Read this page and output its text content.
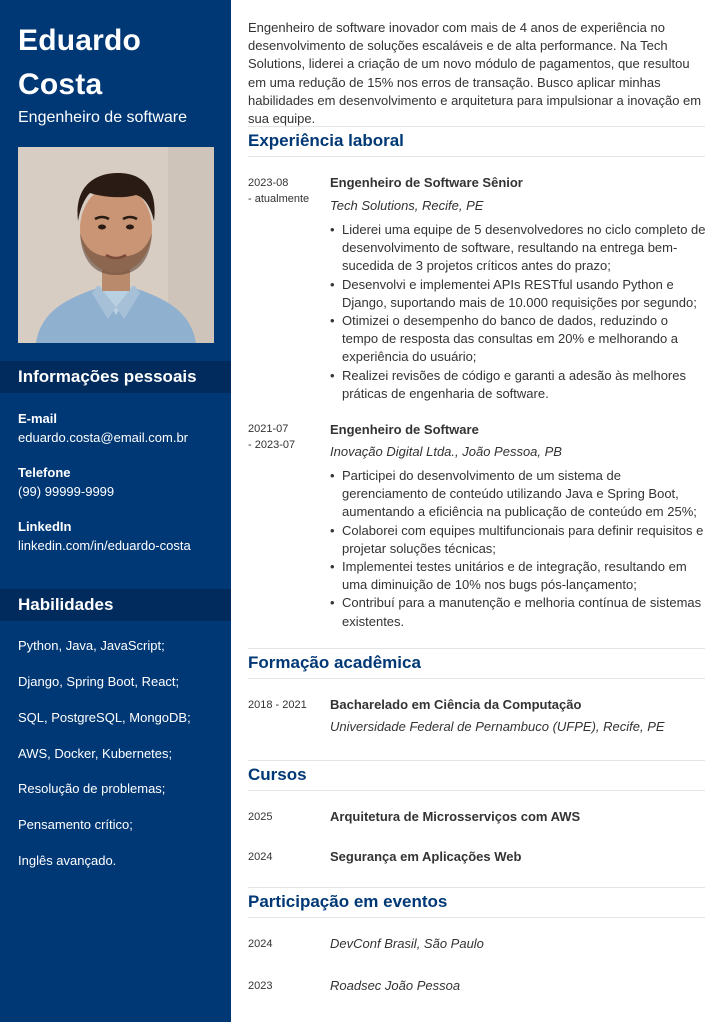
Eduardo
Costa
Engenheiro de software
Informações pessoais
E-mail
eduardo.costa@email.com.br
Telefone
(99) 99999-9999
LinkedIn
linkedin.com/in/eduardo-costa
Habilidades
Python, Java, JavaScript;
Django, Spring Boot, React;
SQL, PostgreSQL, MongoDB;
AWS, Docker, Kubernetes;
Resolução de problemas;
Pensamento crítico;
Inglês avançado.
Engenheiro de software inovador com mais de 4 anos de experiência no desenvolvimento de soluções escaláveis e de alta performance. Na Tech Solutions, liderei a criação de um novo módulo de pagamentos, que resultou em uma redução de 15% nos erros de transação. Busco aplicar minhas habilidades em desenvolvimento e arquitetura para impulsionar a inovação em sua equipe.
Experiência laboral
2023-08
- atualmente
Engenheiro de Software Sênior
Tech Solutions, Recife, PE
• Liderei uma equipe de 5 desenvolvedores no ciclo completo de desenvolvimento de software, resultando na entrega bem-sucedida de 3 projetos críticos antes do prazo;
• Desenvolvi e implementei APIs RESTful usando Python e Django, suportando mais de 10.000 requisições por segundo;
• Otimizei o desempenho do banco de dados, reduzindo o tempo de resposta das consultas em 20% e melhorando a experiência do usuário;
• Realizei revisões de código e garanti a adesão às melhores práticas de engenharia de software.
2021-07
- 2023-07
Engenheiro de Software
Inovação Digital Ltda., João Pessoa, PB
• Participei do desenvolvimento de um sistema de gerenciamento de conteúdo utilizando Java e Spring Boot, aumentando a eficiência na publicação de conteúdo em 25%;
• Colaborei com equipes multifuncionais para definir requisitos e projetar soluções técnicas;
• Implementei testes unitários e de integração, resultando em uma diminuição de 10% nos bugs pós-lançamento;
• Contribuí para a manutenção e melhoria contínua de sistemas existentes.
Formação acadêmica
2018 - 2021 Bacharelado em Ciência da Computação
Universidade Federal de Pernambuco (UFPE), Recife, PE
Cursos
2025	Arquitetura de Microsserviços com AWS
2024	Segurança em Aplicações Web
Participação em eventos
2024	DevConf Brasil, São Paulo
2023	Roadsec João Pessoa
